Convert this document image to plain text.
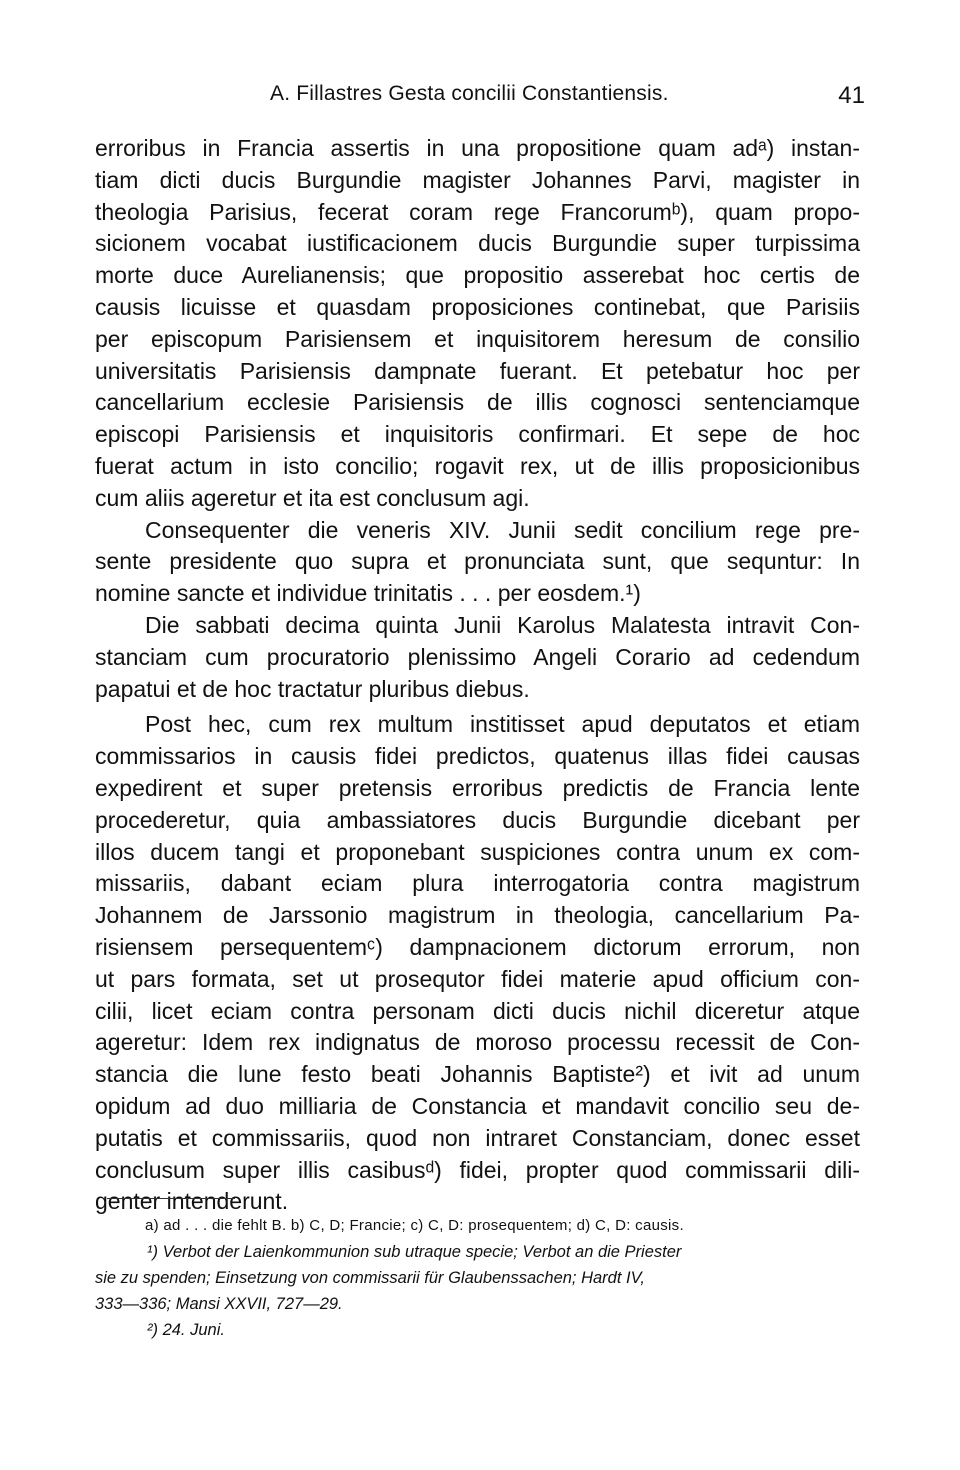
A. Fillastres Gesta concilii Constantiensis.	41
erroribus in Francia assertis in una propositione quam adᵃ) instan-
tiam dicti ducis Burgundie magister Johannes Parvi, magister in
theologia Parisius, fecerat coram rege Francorumᵇ), quam propo-
sicionem vocabat iustificacionem ducis Burgundie super turpissima
morte duce Aurelianensis; que propositio asserebat hoc certis de
causis licuisse et quasdam proposiciones continebat, que Parisiis
per episcopum Parisiensem et inquisitorem heresum de consilio
universitatis Parisiensis dampnate fuerant. Et petebatur hoc per
cancellarium ecclesie Parisiensis de illis cognosci sentenciamque
episcopi Parisiensis et inquisitoris confirmari. Et sepe de hoc
fuerat actum in isto concilio; rogavit rex, ut de illis proposicionibus
cum aliis ageretur et ita est conclusum agi.
Consequenter die veneris XIV. Junii sedit concilium rege pre-
sente presidente quo supra et pronunciata sunt, que sequntur: In
nomine sancte et individue trinitatis . . . per eosdem.¹)
Die sabbati decima quinta Junii Karolus Malatesta intravit Con-
stanciam cum procuratorio plenissimo Angeli Corario ad cedendum
papatui et de hoc tractatur pluribus diebus.
Post hec, cum rex multum institisset apud deputatos et etiam
commissarios in causis fidei predictos, quatenus illas fidei causas
expedirent et super pretensis erroribus predictis de Francia lente
procederetur, quia ambassiatores ducis Burgundie dicebant per
illos ducem tangi et proponebant suspiciones contra unum ex com-
missariis, dabant eciam plura interrogatoria contra magistrum
Johannem de Jarssonio magistrum in theologia, cancellarium Pa-
risiensem persequentemᶜ) dampnacionem dictorum errorum, non
ut pars formata, set ut prosequtor fidei materie apud officium con-
cilii, licet eciam contra personam dicti ducis nichil diceretur atque
ageretur: Idem rex indignatus de moroso processu recessit de Con-
stancia die lune festo beati Johannis Baptiste²) et ivit ad unum
opidum ad duo milliaria de Constancia et mandavit concilio seu de-
putatis et commissariis, quod non intraret Constanciam, donec esset
conclusum super illis casibusᵈ) fidei, propter quod commissarii dili-
genter intenderunt.
a) ad . . . die fehlt B. b) C, D; Francie; c) C, D: prosequentem; d) C, D: causis.
¹) Verbot der Laienkommunion sub utraque specie; Verbot an die Priester
sie zu spenden; Einsetzung von commissarii für Glaubenssachen; Hardt IV,
333—336; Mansi XXVII, 727—29.
²) 24. Juni.
